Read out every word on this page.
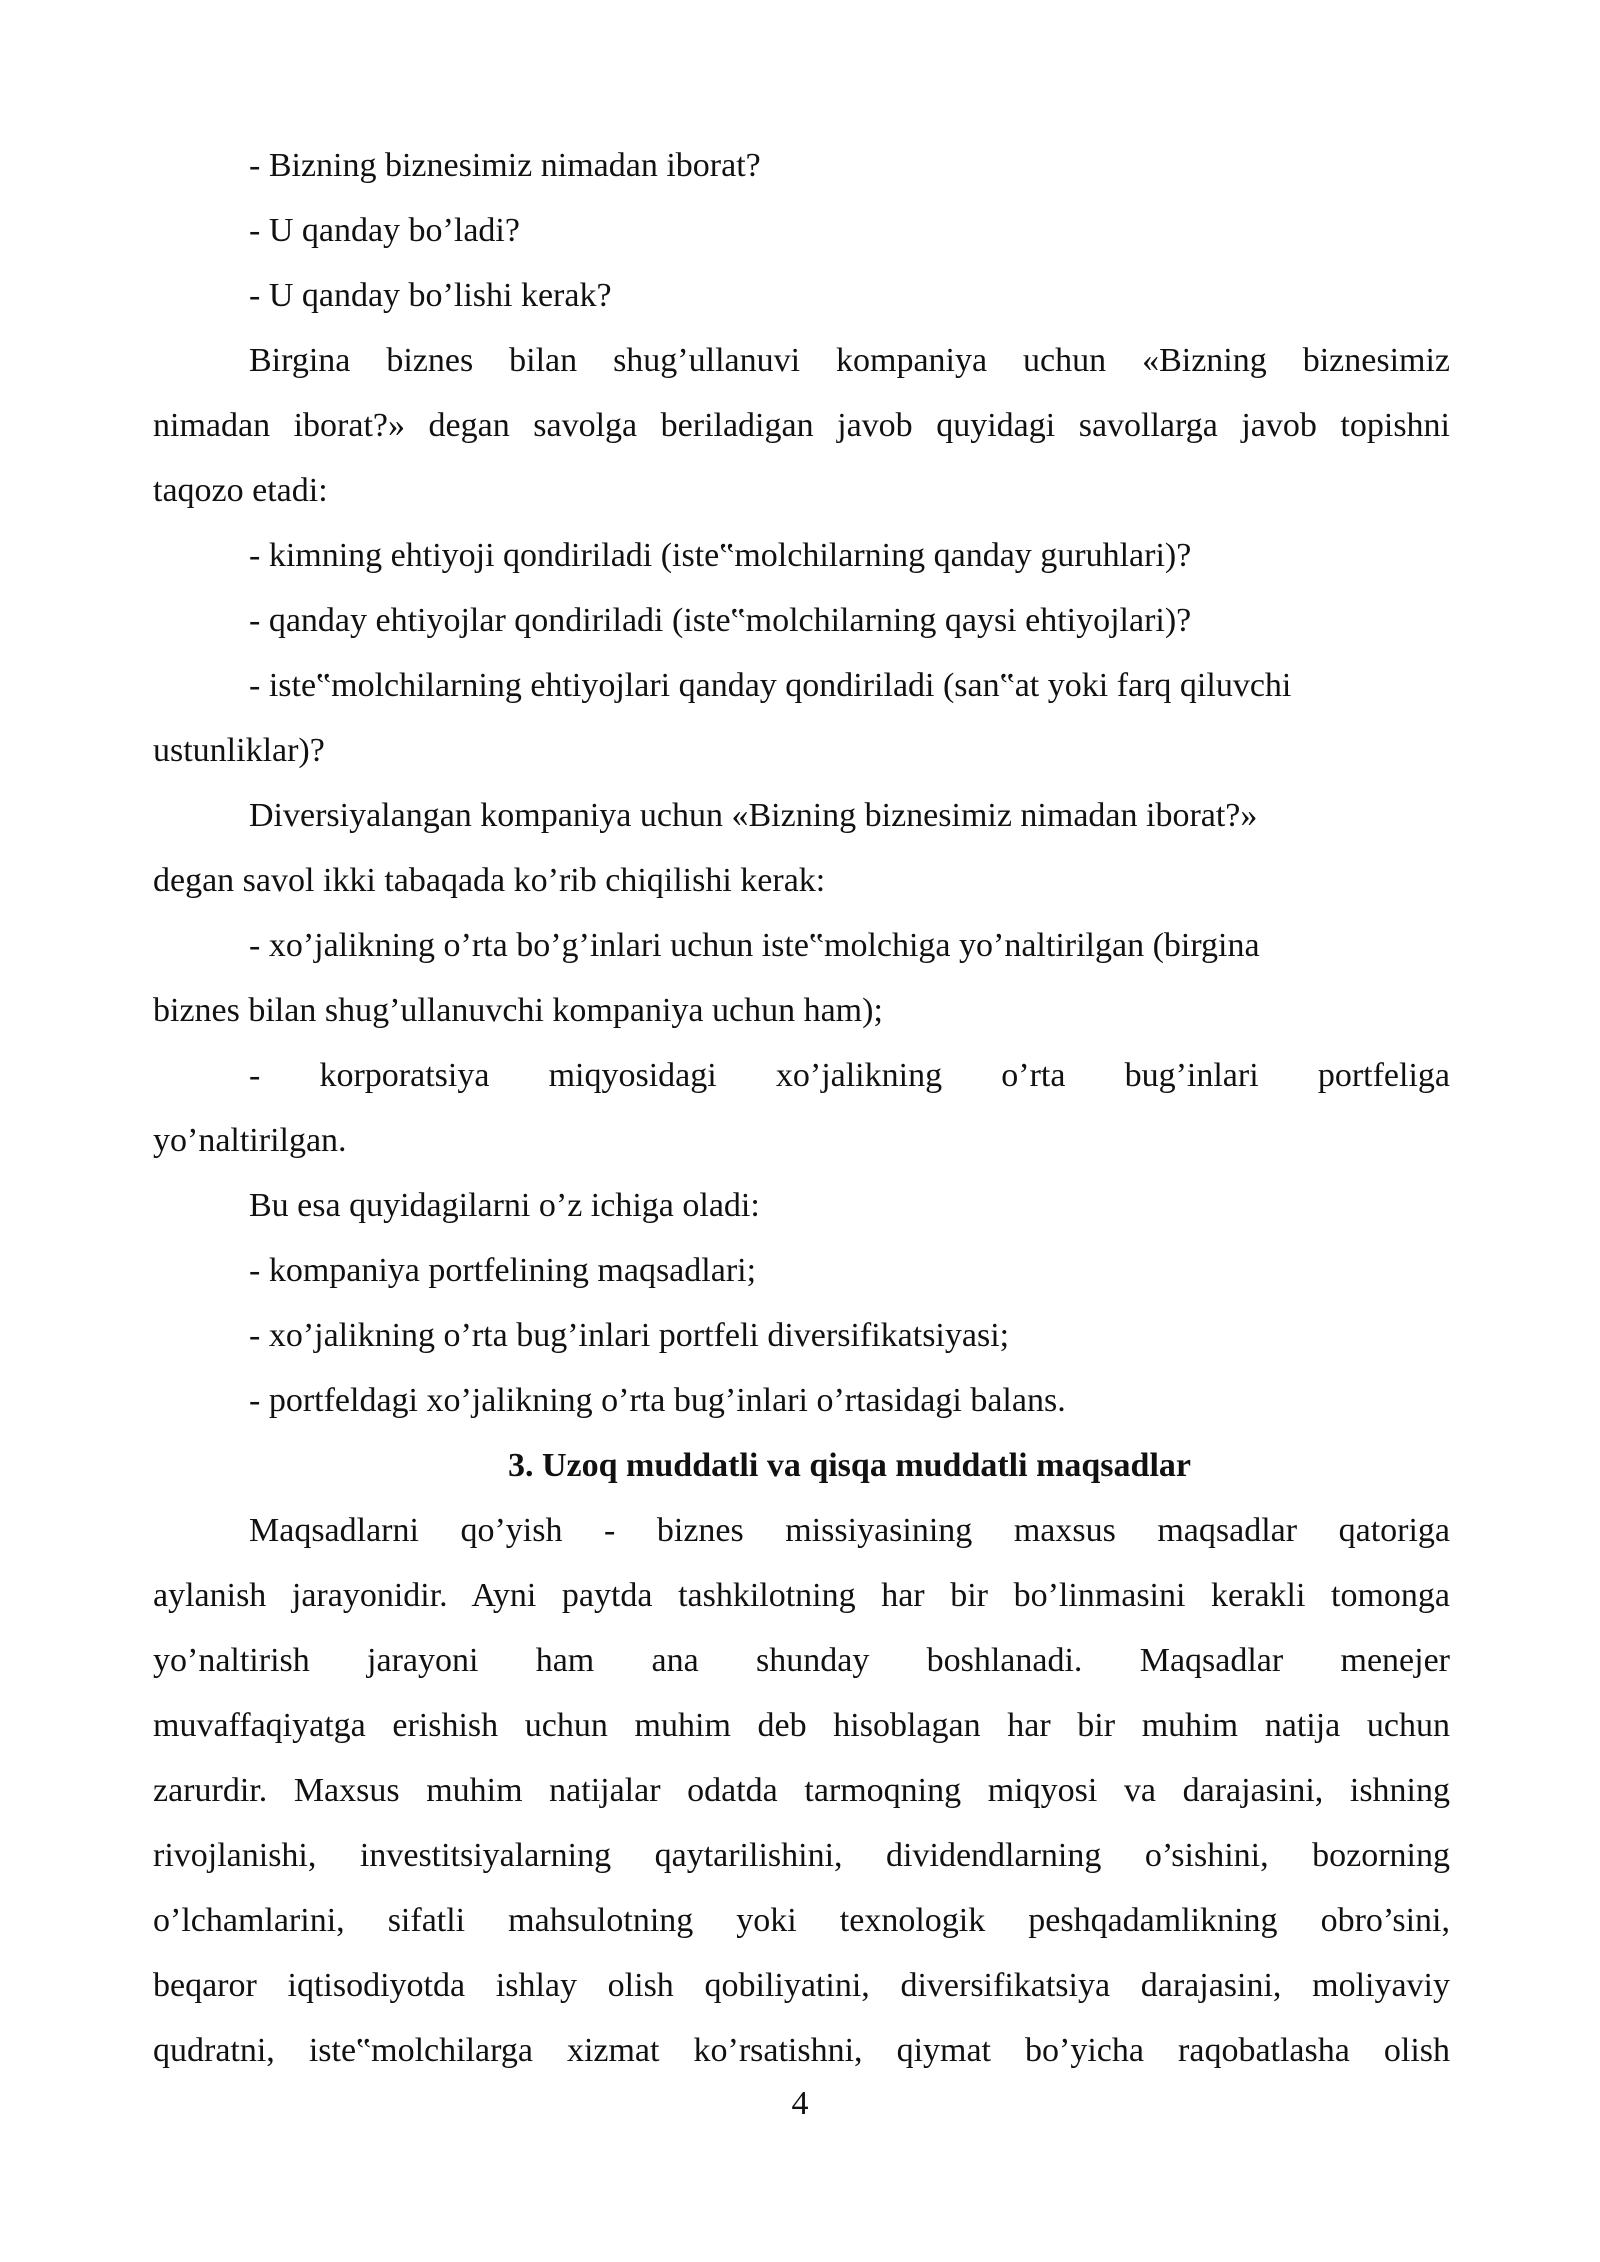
- Bizning biznesimiz nimadan iborat?
- U qanday bo’ladi?
- U qanday bo’lishi kerak?
Birgina biznes bilan shug’ullanuvi kompaniya uchun «Bizning biznesimiz
nimadan iborat?» degan savolga beriladigan javob quyidagi savollarga javob topishni
taqozo etadi:
- kimning ehtiyoji qondiriladi (iste‟molchilarning qanday guruhlari)?
- qanday ehtiyojlar qondiriladi (iste‟molchilarning qaysi ehtiyojlari)?
- iste‟molchilarning ehtiyojlari qanday qondiriladi (san‟at yoki farq qiluvchi
ustunliklar)?
Diversiyalangan kompaniya uchun «Bizning biznesimiz nimadan iborat?»
degan savol ikki tabaqada ko’rib chiqilishi kerak:
- xo’jalikning o’rta bo’g’inlari uchun iste‟molchiga yo’naltirilgan (birgina
biznes bilan shug’ullanuvchi kompaniya uchun ham);
- korporatsiya miqyosidagi xo’jalikning o’rta bug’inlari portfeliga
yo’naltirilgan.
Bu esa quyidagilarni o’z ichiga oladi:
- kompaniya portfelining maqsadlari;
- xo’jalikning o’rta bug’inlari portfeli diversifikatsiyasi;
- portfeldagi xo’jalikning o’rta bug’inlari o’rtasidagi balans.
3. Uzoq muddatli va qisqa muddatli maqsadlar
Maqsadlarni qo’yish - biznes missiyasining maxsus maqsadlar qatoriga
aylanish jarayonidir. Ayni paytda tashkilotning har bir bo’linmasini kerakli tomonga
yo’naltirish jarayoni ham ana shunday boshlanadi. Maqsadlar menejer
muvaffaqiyatga erishish uchun muhim deb hisoblagan har bir muhim natija uchun
zarurdir. Maxsus muhim natijalar odatda tarmoqning miqyosi va darajasini, ishning
rivojlanishi, investitsiyalarning qaytarilishini, dividendlarning o’sishini, bozorning
o’lchamlarini, sifatli mahsulotning yoki texnologik peshqadamlikning obro’sini,
beqaror iqtisodiyotda ishlay olish qobiliyatini, diversifikatsiya darajasini, moliyaviy
qudratni, iste‟molchilarga xizmat ko’rsatishni, qiymat bo’yicha raqobatlasha olish
4
